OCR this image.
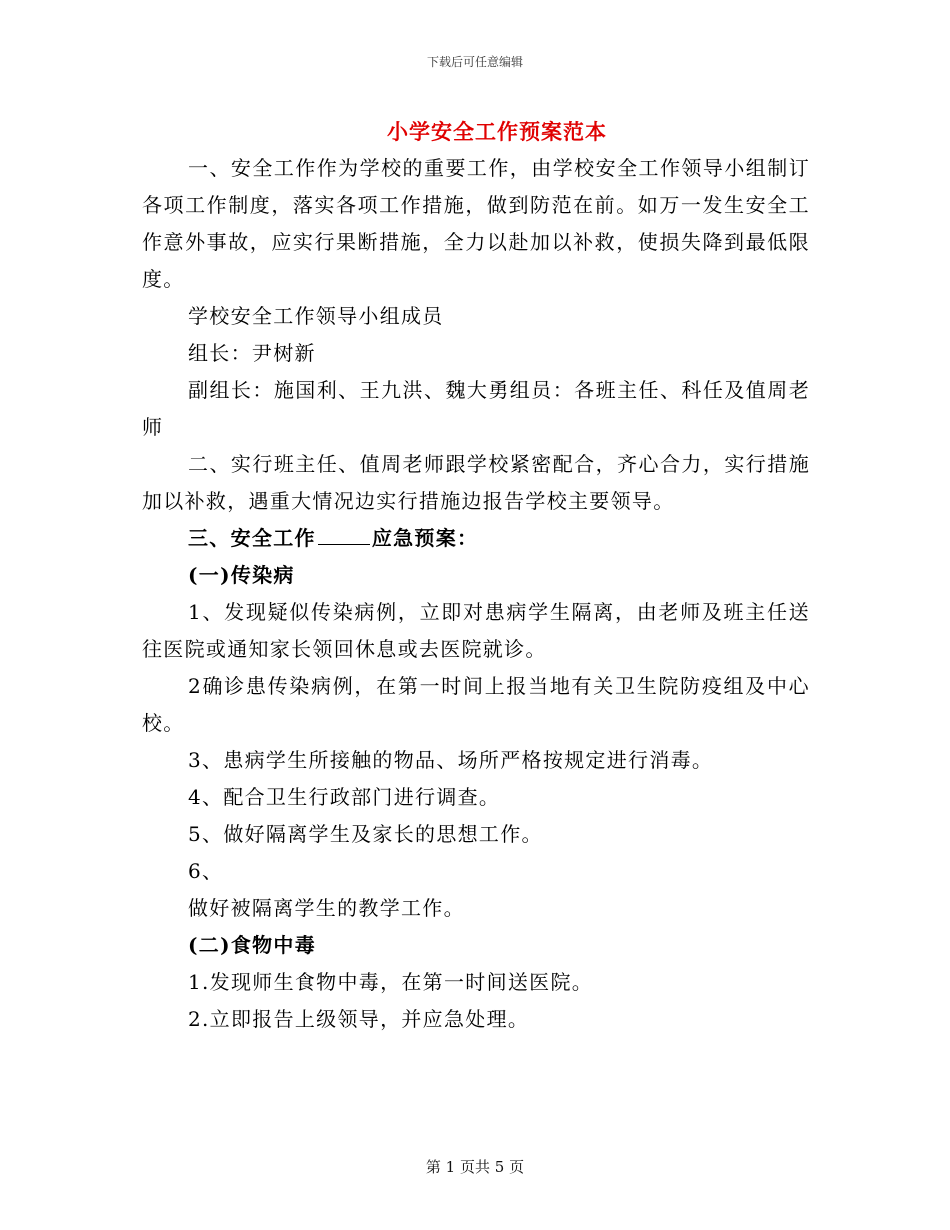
下载后可任意编辑
小学安全工作预案范本

一、安全工作作为学校的重要工作，由学校安全工作领导小组制订各项工作制度，落实各项工作措施，做到防范在前。如万一发生安全工作意外事故，应实行果断措施，全力以赴加以补救，使损失降到最低限度。

学校安全工作领导小组成员

组长：尹树新

副组长：施国利、王九洪、魏大勇组员：各班主任、科任及值周老师

二、实行班主任、值周老师跟学校紧密配合，齐心合力，实行措施加以补救，遇重大情况边实行措施边报告学校主要领导。

三、安全工作	应急预案：

(一)传染病

1、发现疑似传染病例，立即对患病学生隔离，由老师及班主任送往医院或通知家长领回休息或去医院就诊。

2确诊患传染病例，在第一时间上报当地有关卫生院防疫组及中心校。

3、患病学生所接触的物品、场所严格按规定进行消毒。

4、配合卫生行政部门进行调查。

5、做好隔离学生及家长的思想工作。

6、

做好被隔离学生的教学工作。

(二)食物中毒

1.发现师生食物中毒，在第一时间送医院。

2.立即报告上级领导，并应急处理。

第 1 页共 5 页
